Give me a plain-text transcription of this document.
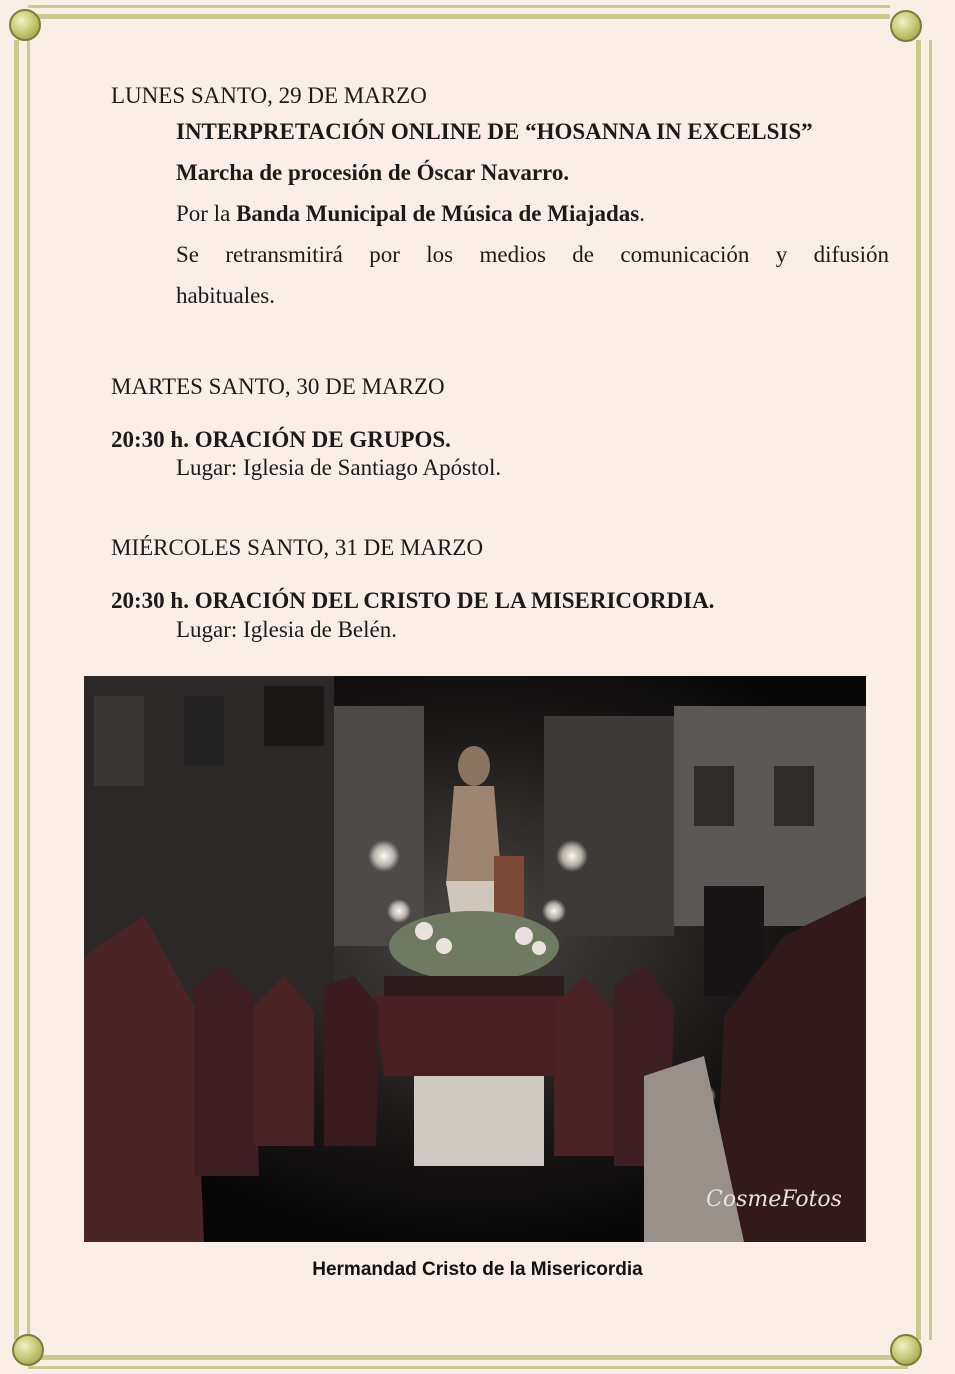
LUNES SANTO, 29 DE MARZO
INTERPRETACIÓN ONLINE DE “HOSANNA IN EXCELSIS”
Marcha de procesión de Óscar Navarro.
Por la Banda Municipal de Música de Miajadas.
Se retransmitirá por los medios de comunicación y difusión
habituales.
MARTES SANTO, 30 DE MARZO
20:30 h. ORACIÓN DE GRUPOS.
Lugar: Iglesia de Santiago Apóstol.
MIÉRCOLES SANTO, 31 DE MARZO
20:30 h. ORACIÓN DEL CRISTO DE LA MISERICORDIA.
Lugar: Iglesia de Belén.
CosmeFotos
Hermandad Cristo de la Misericordia
